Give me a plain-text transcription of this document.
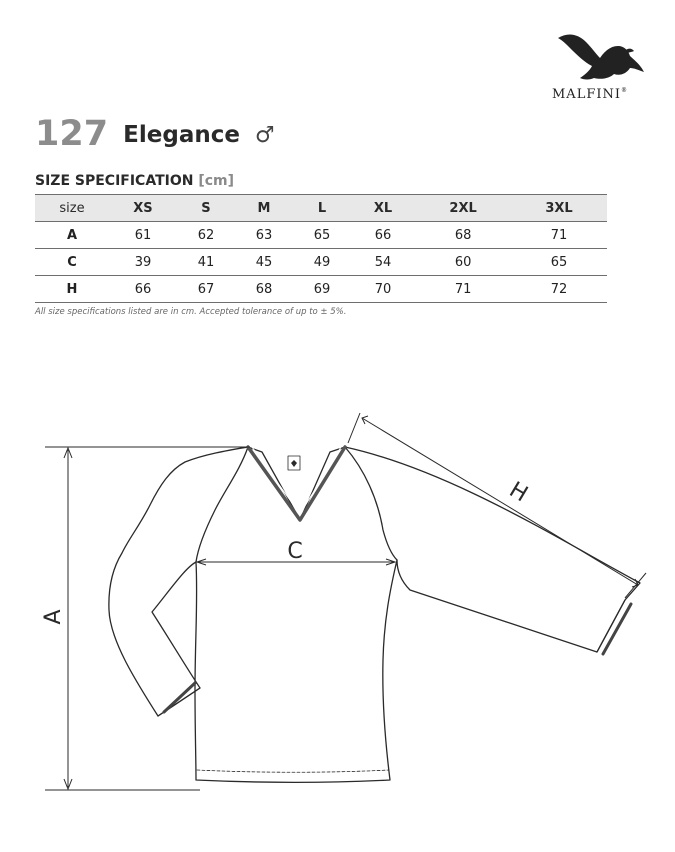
MALFINI®
127 Elegance ♂
SIZE SPECIFICATION [cm]
size	XS	S	M	L	XL	2XL	3XL
A	61	62	63	65	66	68	71
C	39	41	45	49	54	60	65
H	66	67	68	69	70	71	72
All size specifications listed are in cm. Accepted tolerance of up to ± 5%.
A
C
H
